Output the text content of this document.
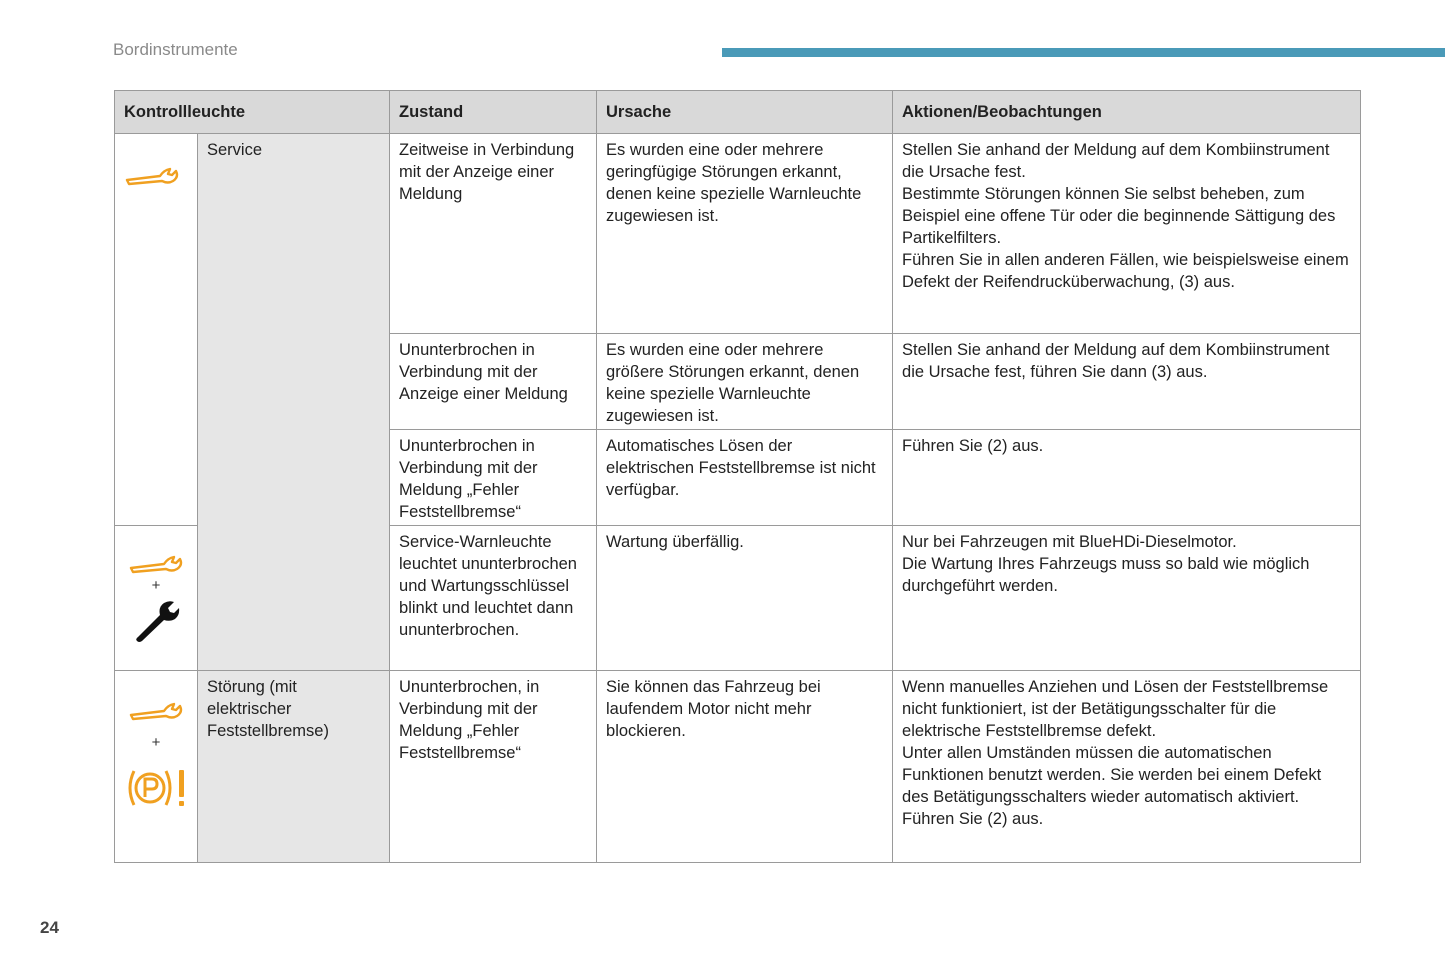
Bordinstrumente
Kontrollleuchte		Zustand	Ursache	Aktionen/Beobachtungen

	Service	Zeitweise in Verbindung mit der Anzeige einer Meldung	Es wurden eine oder mehrere geringfügige Störungen erkannt, denen keine spezielle Warnleuchte zugewiesen ist.	Stellen Sie anhand der Meldung auf dem Kombiinstrument die Ursache fest.
Bestimmte Störungen können Sie selbst beheben, zum Beispiel eine offene Tür oder die beginnende Sättigung des Partikelfilters.
Führen Sie in allen anderen Fällen, wie beispielsweise einem Defekt der Reifendrucküberwachung, (3) aus.

		Ununterbrochen in Verbindung mit der Anzeige einer Meldung	Es wurden eine oder mehrere größere Störungen erkannt, denen keine spezielle Warnleuchte zugewiesen ist.	Stellen Sie anhand der Meldung auf dem Kombiinstrument die Ursache fest, führen Sie dann (3) aus.

		Ununterbrochen in Verbindung mit der Meldung „Fehler Feststellbremse“	Automatisches Lösen der elektrischen Feststellbremse ist nicht verfügbar.	Führen Sie (2) aus.

+		Service-Warnleuchte leuchtet ununterbrochen und Wartungsschlüssel blinkt und leuchtet dann ununterbrochen.	Wartung überfällig.	Nur bei Fahrzeugen mit BlueHDi-Dieselmotor.
Die Wartung Ihres Fahrzeugs muss so bald wie möglich durchgeführt werden.

+	Störung (mit elektrischer Feststellbremse)	Ununterbrochen, in Verbindung mit der Meldung „Fehler Feststellbremse“	Sie können das Fahrzeug bei laufendem Motor nicht mehr blockieren.	Wenn manuelles Anziehen und Lösen der Feststellbremse nicht funktioniert, ist der Betätigungsschalter für die elektrische Feststellbremse defekt.
Unter allen Umständen müssen die automatischen Funktionen benutzt werden. Sie werden bei einem Defekt des Betätigungsschalters wieder automatisch aktiviert.
Führen Sie (2) aus.
24
